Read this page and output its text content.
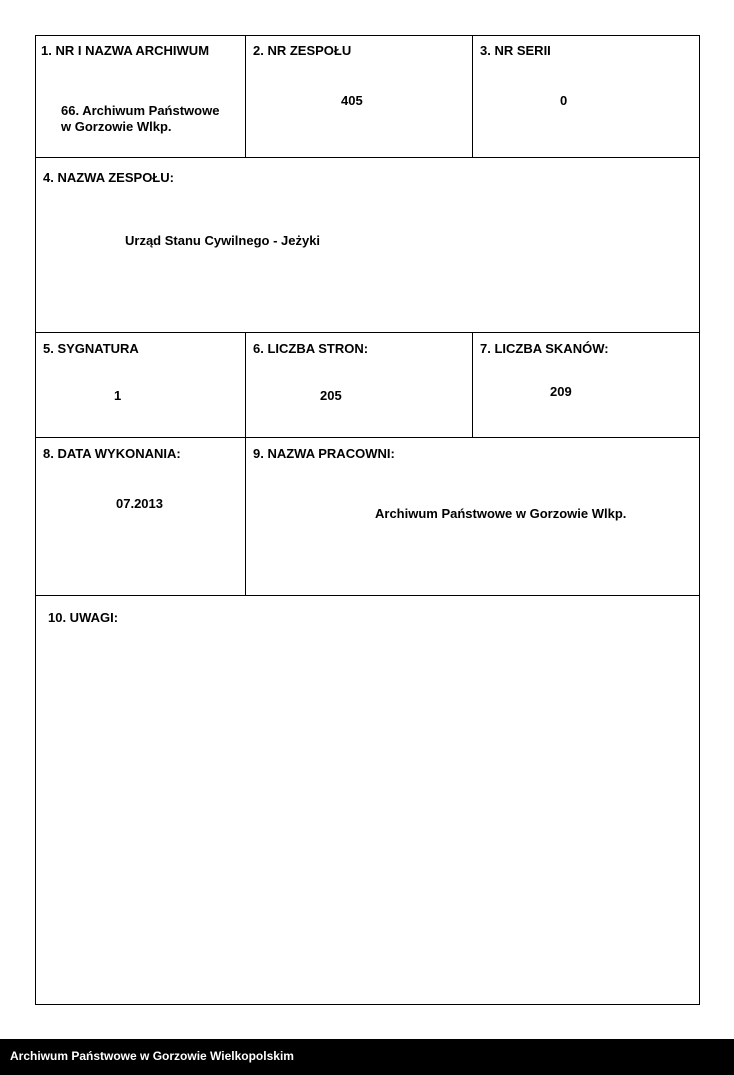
1. NR I NAZWA ARCHIWUM
66. Archiwum Państwowe
w Gorzowie Wlkp.
2. NR ZESPOŁU
405
3. NR SERII
0
4. NAZWA ZESPOŁU:
Urząd Stanu Cywilnego - Jeżyki
5. SYGNATURA
1
6. LICZBA STRON:
205
7. LICZBA SKANÓW:
209
8. DATA WYKONANIA:
07.2013
9. NAZWA PRACOWNI:
Archiwum Państwowe w Gorzowie Wlkp.
10. UWAGI:
Archiwum Państwowe w Gorzowie Wielkopolskim
